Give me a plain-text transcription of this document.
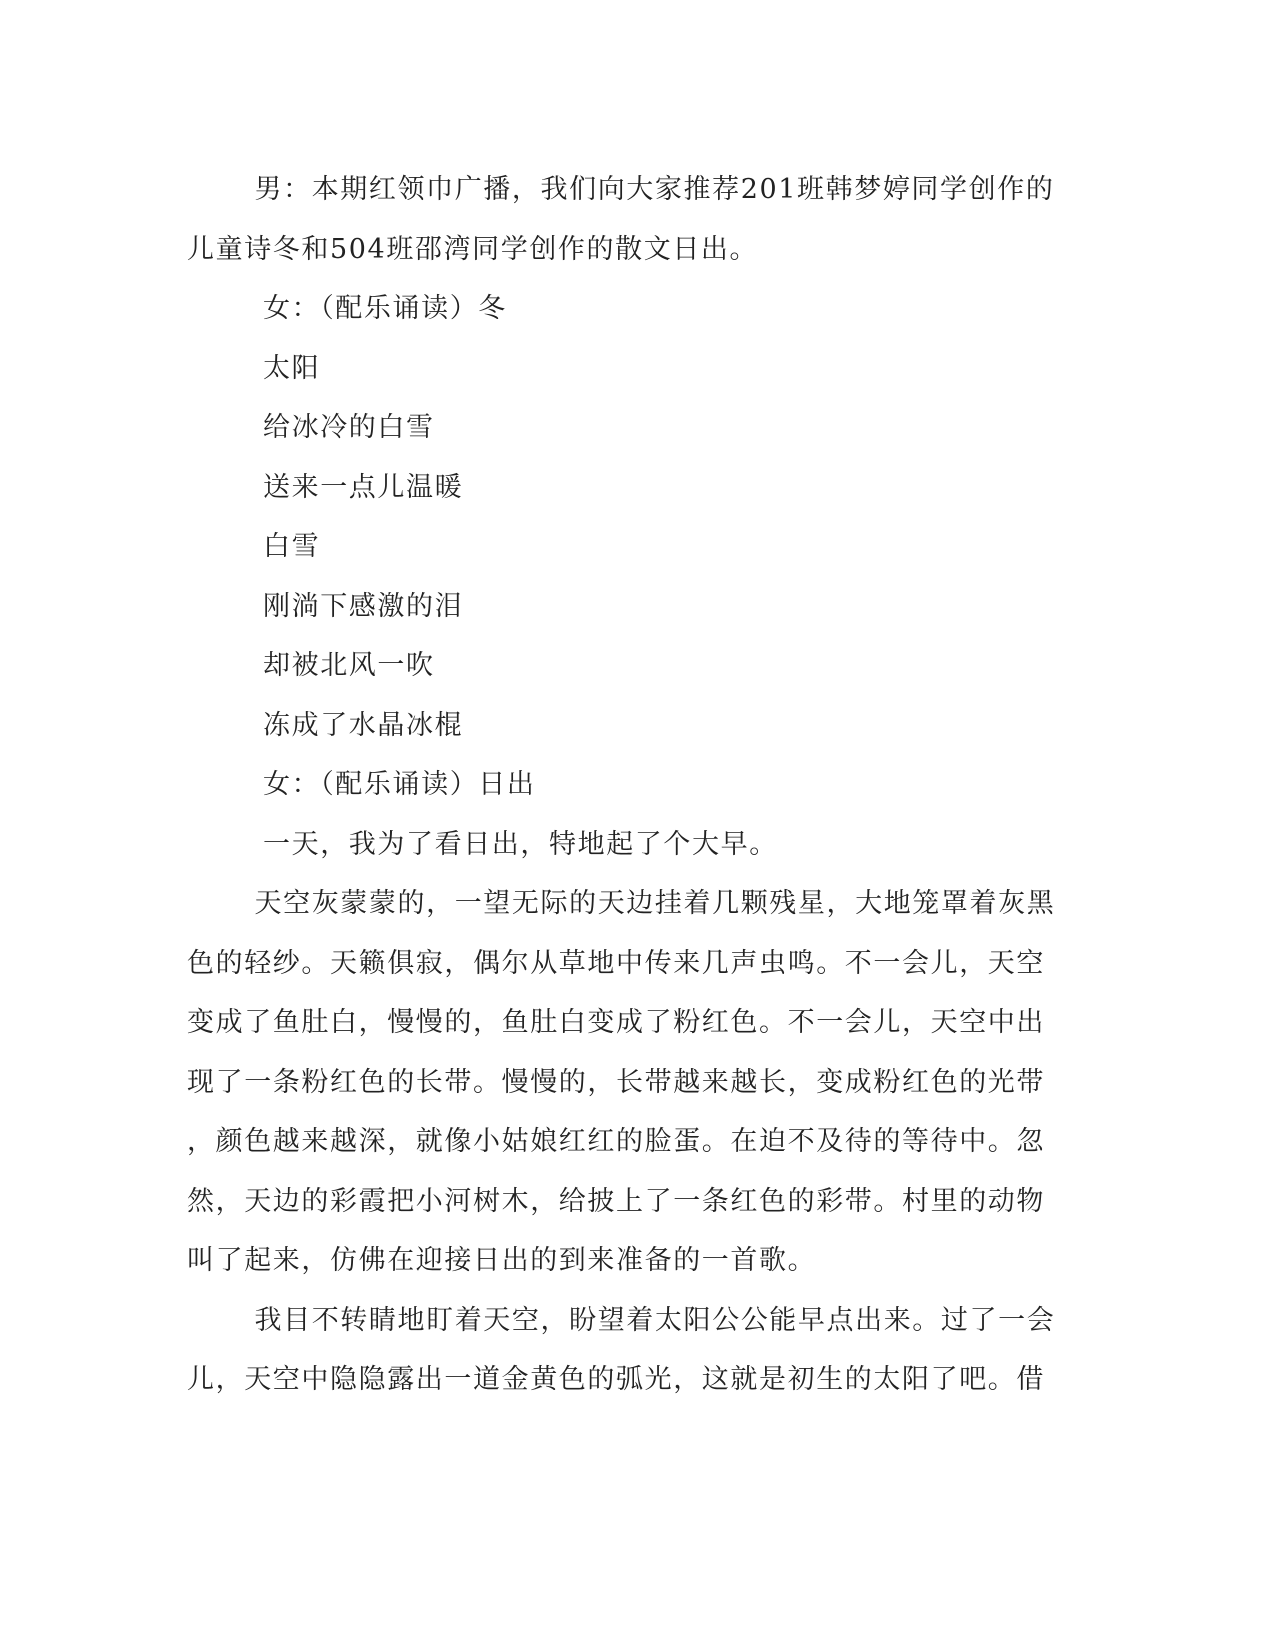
男：本期红领巾广播，我们向大家推荐201班韩梦婷同学创作的
儿童诗冬和504班邵湾同学创作的散文日出。

女：（配乐诵读）冬

太阳

给冰冷的白雪

送来一点儿温暖

白雪

刚淌下感激的泪

却被北风一吹

冻成了水晶冰棍

女：（配乐诵读）日出

一天，我为了看日出，特地起了个大早。

天空灰蒙蒙的，一望无际的天边挂着几颗残星，大地笼罩着灰黑
色的轻纱。天籁俱寂，偶尔从草地中传来几声虫鸣。不一会儿，天空
变成了鱼肚白，慢慢的，鱼肚白变成了粉红色。不一会儿，天空中出
现了一条粉红色的长带。慢慢的，长带越来越长，变成粉红色的光带
，颜色越来越深，就像小姑娘红红的脸蛋。在迫不及待的等待中。忽
然，天边的彩霞把小河树木，给披上了一条红色的彩带。村里的动物
叫了起来，仿佛在迎接日出的到来准备的一首歌。

我目不转睛地盯着天空，盼望着太阳公公能早点出来。过了一会
儿，天空中隐隐露出一道金黄色的弧光，这就是初生的太阳了吧。借
